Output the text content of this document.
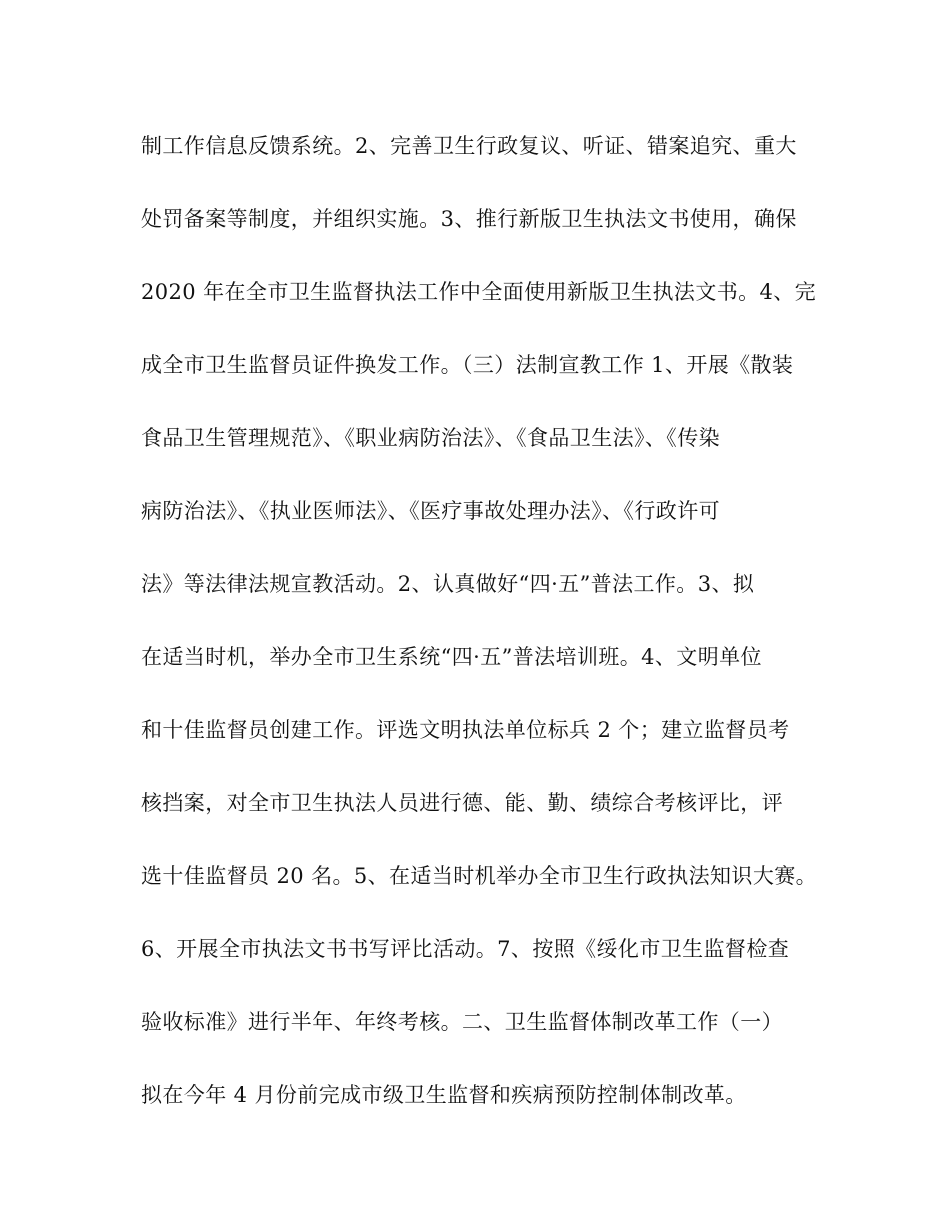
制工作信息反馈系统。2、完善卫生行政复议、听证、错案追究、重大
处罚备案等制度，并组织实施。3、推行新版卫生执法文书使用，确保
2020 年在全市卫生监督执法工作中全面使用新版卫生执法文书。4、完
成全市卫生监督员证件换发工作。（三）法制宣教工作 1、开展《散装
食品卫生管理规范》、《职业病防治法》、《食品卫生法》、《传染
病防治法》、《执业医师法》、《医疗事故处理办法》、《行政许可
法》等法律法规宣教活动。2、认真做好“四·五”普法工作。3、拟
在适当时机，举办全市卫生系统“四·五”普法培训班。4、文明单位
和十佳监督员创建工作。评选文明执法单位标兵 2 个；建立监督员考
核挡案，对全市卫生执法人员进行德、能、勤、绩综合考核评比，评
选十佳监督员 20 名。5、在适当时机举办全市卫生行政执法知识大赛。
6、开展全市执法文书书写评比活动。7、按照《绥化市卫生监督检查
验收标准》进行半年、年终考核。二、卫生监督体制改革工作（一）
拟在今年 4 月份前完成市级卫生监督和疾病预防控制体制改革。
